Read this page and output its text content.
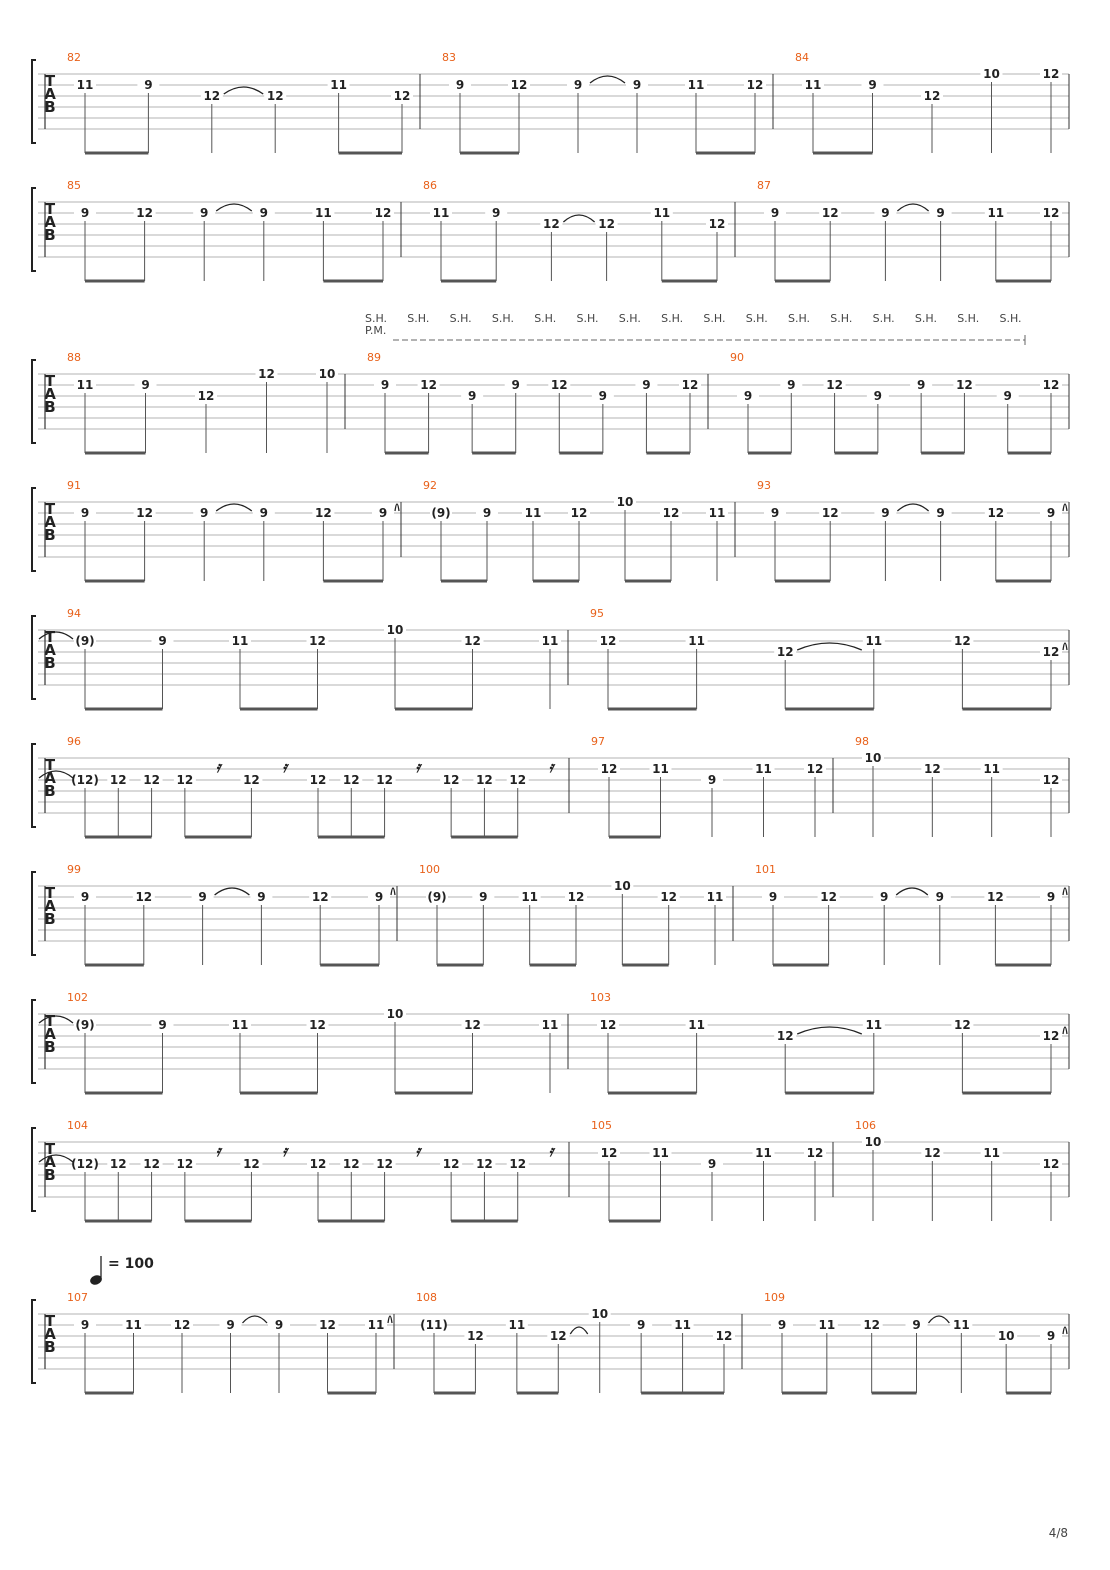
T
A
B
82
11	9
12	12
11
12
83
9	12	9	9	11	12
84
11	9
12
10	12
T
A
B
85
9	12	9	9	11	12
86
11	9
12	12
11
12
87
9	12	9	9	11	12
T
A
B
S.H. S.H. S.H. S.H. S.H. S.H. S.H. S.H. S.H. S.H. S.H. S.H. S.H. S.H. S.H. S.H.
P.M.
88
11	9
12
12	10
89
9	12
9
9	12
9
9	12
90
9
9	12
9
9	12
9
12
T
A
B
91
9	12	9	9	12	9
92
(9)	9	11 12
10
12 11
93
9	12	9	9	12	9
T
A
B
94
(9)	9	11	12
10
12	11
95
12	11
12
11	12
12
T
A
B
96
(12) 12 12 12
𝄿
12
𝄿
12 12 12
𝄿
12 12 12
𝄿
97
12	11
9
11	12
98
10
12	11
12
T
A
B
99
9	12	9	9	12	9
100
(9)	9	11 12
10
12 11
101
9	12	9	9	12	9
T
A
B
102
(9)	9	11	12
10
12	11
103
12	11
12
11	12
12
T
A
B
104
(12) 12 12 12
𝄿
12
𝄿
12 12 12
𝄿
12 12 12
𝄿
105
12	11
9
11	12
106
10
12	11
12
T
A
B
107
9	11	12	9	9	12	11
108
(11)
12
11
12
10
9 11
12
109
9	11 12	9	11
10	9
= 100
4/8
